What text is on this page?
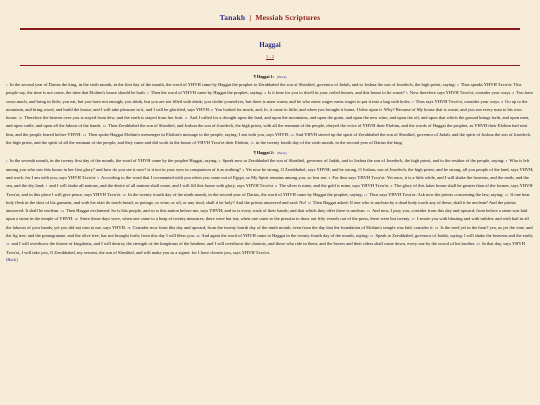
Tanakh | Messiah Scriptures
Haggai
1 – 2
¶ Haggai 1: (Back)
1 In the second year of Darius the king, in the sixth month, in the first day of the month, the word of YHVH came by Haggai the prophet to Zerubbabel the son of Shealtiel, governor of Judah, and to Joshua the son of Josedech, the high priest, saying: 2 Thus speaks YHVH Tzva'ot: This people say, the time is not come, the time that Elohim's house should be built. 3 Then the word of YHVH came by Haggai the prophet, saying: 4 Is it time for you to dwell in your ceiled houses, and this house to lie waste? 5 Now therefore says YHVH Tzva'ot, consider your ways. 6 You have sown much, and bring in little; you eat, but you have not enough; you drink, but you are not filled with drink; you clothe yourselves, but there is none warm; and he who earns wages earns wages to put it into a bag with holes. 7 Thus says YHVH Tzva'ot, consider your ways. 8 Go up to the mountain, and bring wood, and build the house; and I will take pleasure in it, and I will be glorified, says YHVH. 9 You looked for much, and, lo, it came to little; and when you brought it home, I blew upon it. Why? Because of My house that is waste, and you run every man to his own house. 10 Therefore the heaven over you is stayed from dew, and the earth is stayed from her fruit. 11 And I called for a drought upon the land, and upon the mountains, and upon the grain, and upon the new wine, and upon the oil, and upon that which the ground brings forth, and upon men, and upon cattle, and upon all the labour of the hands. 12 Then Zerubbabel the son of Shealtiel, and Joshua the son of Josedech, the high priest, with all the remnant of the people, obeyed the voice of YHVH their Elohim, and the words of Haggai the prophet, as YHVH their Elohim had sent him, and the people feared before YHVH. 13 Then spoke Haggai Elohim's messenger in Elohim's message to the people, saying: I am with you, says YHVH. 14 And YHVH stirred up the spirit of Zerubbabel the son of Shealtiel, governor of Judah, and the spirit of Joshua the son of Josedech, the high priest, and the spirit of all the remnant of the people; and they came and did work in the house of YHVH Tzva'ot their Elohim, 15 in the twenty fourth day of the sixth month, in the second year of Darius the king.
¶ Haggai 2: (Back)
1 In the seventh month, in the twenty first day of the month, the word of YHVH came by the prophet Haggai, saying: 2 Speak now to Zerubbabel the son of Shealtiel, governor of Judah, and to Joshua the son of Josedech, the high priest, and to the residue of the people, saying: 3 Who is left among you who saw this house in her first glory? and how do you see it now? is it not in your eyes in comparison of it as nothing? 4 Yet now be strong, O Zerubbabel, says YHVH; and be strong, O Joshua, son of Josedech, the high priest; and be strong, all you people of the land, says YHVH, and work: for I am with you, says YHVH Tzva'ot: 5 According to the word that I covenanted with you when you came out of Egypt, so My Spirit remains among you, so fear not. 6 For thus says YHVH Tzva'ot: Yet once, it is a little while, and I will shake the heavens, and the earth, and the sea, and the dry land; 7 and I will shake all nations, and the desire of all nations shall come, and I will fill this house with glory, says YHVH Tzva'ot. 8 The silver is mine, and the gold is mine, says YHVH Tzva'ot. 9 The glory of this latter house shall be greater than of the former, says YHVH Tzva'ot, and in this place I will give peace, says YHVH Tzva'ot. 10 In the twenty fourth day of the ninth month, in the second year of Darius, the word of YHVH came by Haggai the prophet, saying: 11 Thus says YHVH Tzva'ot: Ask now the priests concerning the law, saying: 12 If one bear holy flesh in the skirt of his garment, and with his skirt do touch bread, or pottage, or wine, or oil, or any food, shall it be holy? And the priests answered and said: No! 13 Then Haggai asked: If one who is unclean by a dead body touch any of these, shall it be unclean? And the priests answered: It shall be unclean. 14 Then Haggai exclaimed: So is this people, and so is this nation before me, says YHVH; and so is every work of their hands; and that which they offer there is unclean. 15 And now, I pray you, consider from this day and upward, from before a stone was laid upon a stone in the temple of YHVH. 16 Since those days were, when one came to a heap of twenty measures, there were but ten; when one came to the pressfat to draw out fifty vessels out of the press, there were but twenty. 17 I smote you with blasting and with mildew and with hail in all the labours of your hands; yet you did not turn to me, says YHVH. 18 Consider now from this day and upward, from the twenty fourth day of the ninth month, even from the day that the foundation of Elohim's temple was laid, consider it. 19 Is the seed yet in the barn? yea, as yet the vine, and the fig tree, and the pomegranate, and the olive tree, has not brought forth; from this day I will bless you. 20 And again the word of YHVH came to Haggai in the twenty fourth day of the month, saying: 21 Speak to Zerubbabel, governor of Judah, saying: I will shake the heavens and the earth; 22 and I will overthrow the throne of kingdoms, and I will destroy the strength of the kingdoms of the heathen; and I will overthrow the chariots, and those who ride in them; and the horses and their riders shall come down, every one by the sword of his brother. 23 In that day, says YHVH Tzva'ot, I will take you, O Zerubbabel, my servant, the son of Shealtiel, and will make you as a signet: for I have chosen you, says YHVH Tzva'ot.
(Back)
